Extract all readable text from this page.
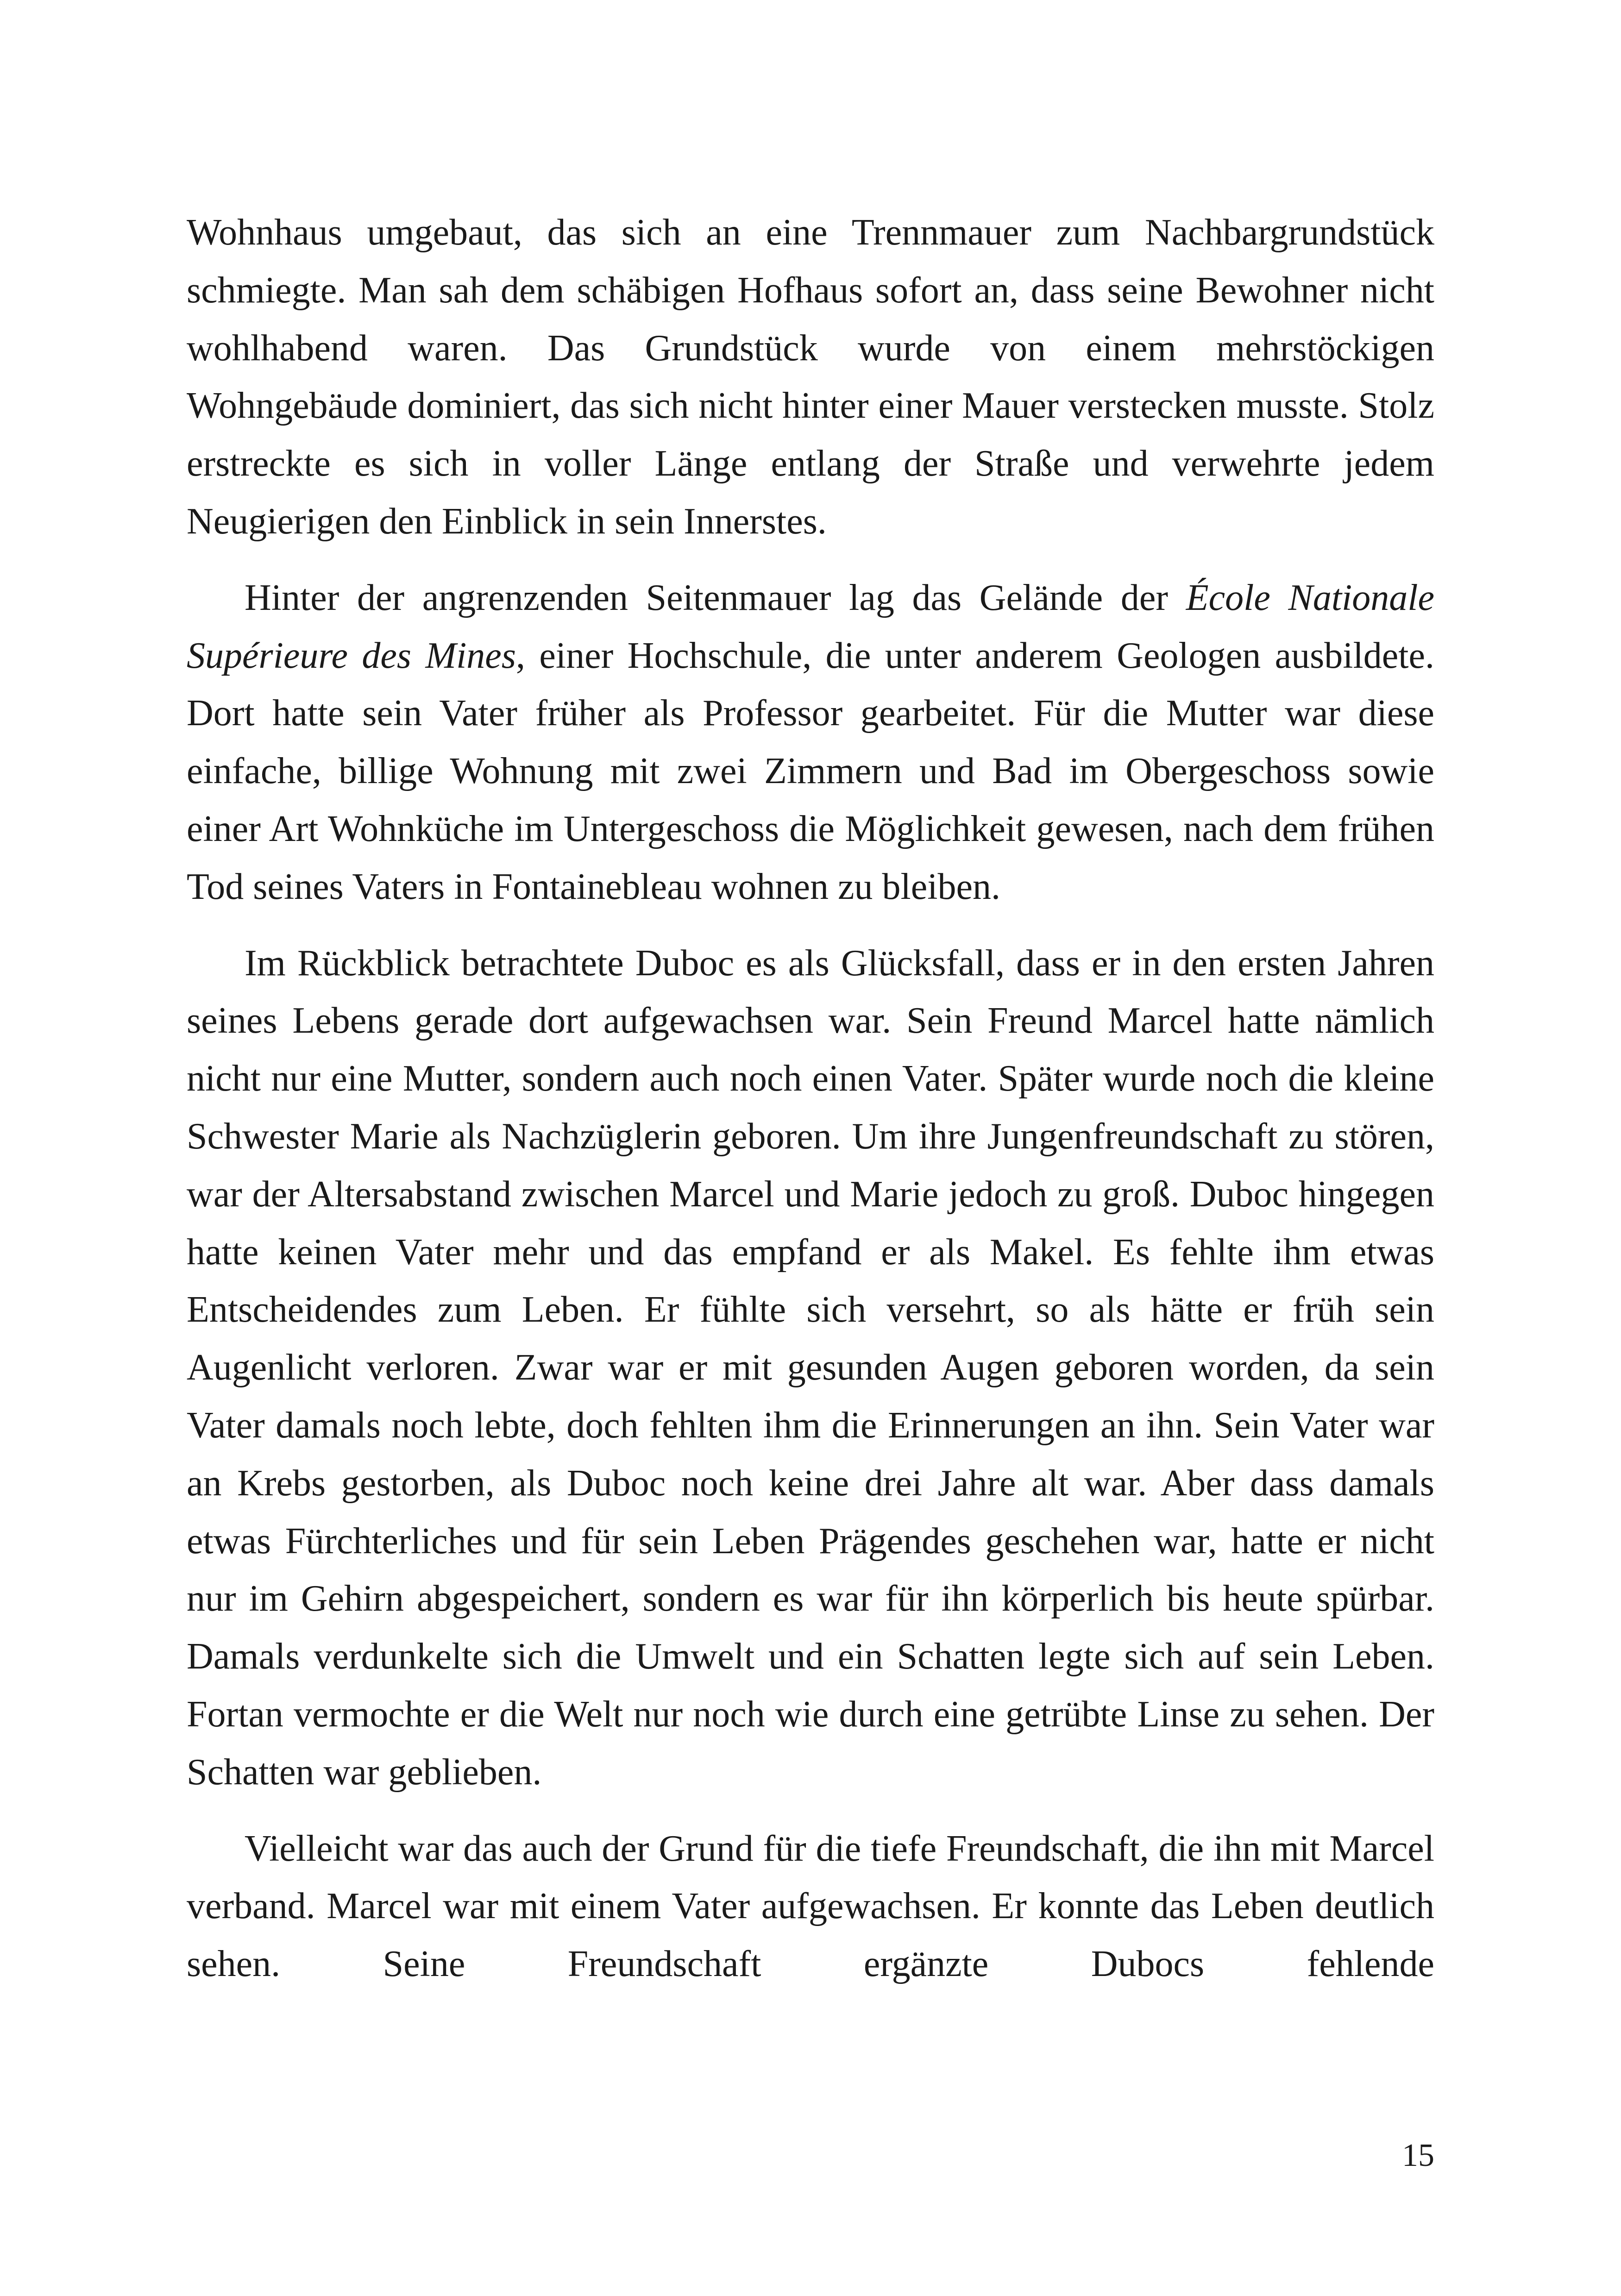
Wohnhaus umgebaut, das sich an eine Trennmauer zum Nachbargrundstück schmiegte. Man sah dem schäbigen Hofhaus sofort an, dass seine Bewohner nicht wohlhabend waren. Das Grundstück wurde von einem mehrstöckigen Wohngebäude dominiert, das sich nicht hinter einer Mauer verstecken musste. Stolz erstreckte es sich in voller Länge entlang der Straße und verwehrte jedem Neugierigen den Einblick in sein Innerstes.

Hinter der angrenzenden Seitenmauer lag das Gelände der École Nationale Supérieure des Mines, einer Hochschule, die unter anderem Geologen ausbildete. Dort hatte sein Vater früher als Professor gearbeitet. Für die Mutter war diese einfache, billige Wohnung mit zwei Zimmern und Bad im Obergeschoss sowie einer Art Wohnküche im Untergeschoss die Möglichkeit gewesen, nach dem frühen Tod seines Vaters in Fontainebleau wohnen zu bleiben.

Im Rückblick betrachtete Duboc es als Glücksfall, dass er in den ersten Jahren seines Lebens gerade dort aufgewachsen war. Sein Freund Marcel hatte nämlich nicht nur eine Mutter, sondern auch noch einen Vater. Später wurde noch die kleine Schwester Marie als Nachzüglerin geboren. Um ihre Jungenfreundschaft zu stören, war der Altersabstand zwischen Marcel und Marie jedoch zu groß. Duboc hingegen hatte keinen Vater mehr und das empfand er als Makel. Es fehlte ihm etwas Entscheidendes zum Leben. Er fühlte sich versehrt, so als hätte er früh sein Augenlicht verloren. Zwar war er mit gesunden Augen geboren worden, da sein Vater damals noch lebte, doch fehlten ihm die Erinnerungen an ihn. Sein Vater war an Krebs gestorben, als Duboc noch keine drei Jahre alt war. Aber dass damals etwas Fürchterliches und für sein Leben Prägendes geschehen war, hatte er nicht nur im Gehirn abgespeichert, sondern es war für ihn körperlich bis heute spürbar. Damals verdunkelte sich die Umwelt und ein Schatten legte sich auf sein Leben. Fortan vermochte er die Welt nur noch wie durch eine getrübte Linse zu sehen. Der Schatten war geblieben.

Vielleicht war das auch der Grund für die tiefe Freundschaft, die ihn mit Marcel verband. Marcel war mit einem Vater aufgewachsen. Er konnte das Leben deutlich sehen. Seine Freundschaft ergänzte Dubocs fehlende

15
